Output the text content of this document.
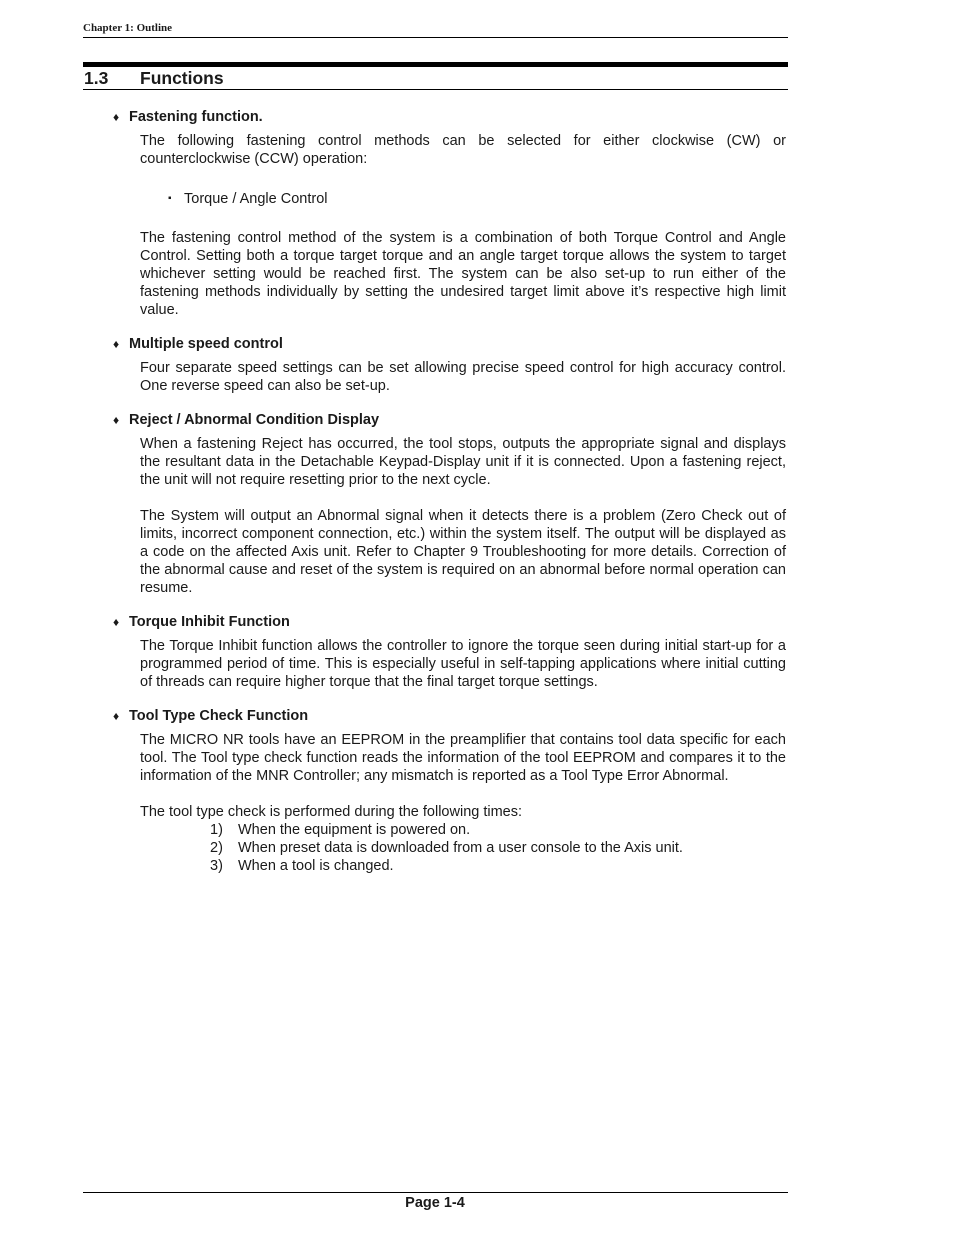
Chapter 1: Outline
1.3 Functions
♦ Fastening function.

The following fastening control methods can be selected for either clockwise (CW) or counterclockwise (CCW) operation:

▪ Torque / Angle Control

The fastening control method of the system is a combination of both Torque Control and Angle Control. Setting both a torque target torque and an angle target torque allows the system to target whichever setting would be reached first. The system can be also set-up to run either of the fastening methods individually by setting the undesired target limit above it’s respective high limit value.

♦ Multiple speed control

Four separate speed settings can be set allowing precise speed control for high accuracy control. One reverse speed can also be set-up.

♦ Reject / Abnormal Condition Display

When a fastening Reject has occurred, the tool stops, outputs the appropriate signal and displays the resultant data in the Detachable Keypad-Display unit if it is connected. Upon a fastening reject, the unit will not require resetting prior to the next cycle.

The System will output an Abnormal signal when it detects there is a problem (Zero Check out of limits, incorrect component connection, etc.) within the system itself. The output will be displayed as a code on the affected Axis unit. Refer to Chapter 9 Troubleshooting for more details. Correction of the abnormal cause and reset of the system is required on an abnormal before normal operation can resume.

♦ Torque Inhibit Function

The Torque Inhibit function allows the controller to ignore the torque seen during initial start-up for a programmed period of time. This is especially useful in self-tapping applications where initial cutting of threads can require higher torque that the final target torque settings.

♦ Tool Type Check Function

The MICRO NR tools have an EEPROM in the preamplifier that contains tool data specific for each tool. The Tool type check function reads the information of the tool EEPROM and compares it to the information of the MNR Controller; any mismatch is reported as a Tool Type Error Abnormal.

The tool type check is performed during the following times:

1)	When the equipment is powered on.
2)	When preset data is downloaded from a user console to the Axis unit.
3)	When a tool is changed.
Page 1-4
